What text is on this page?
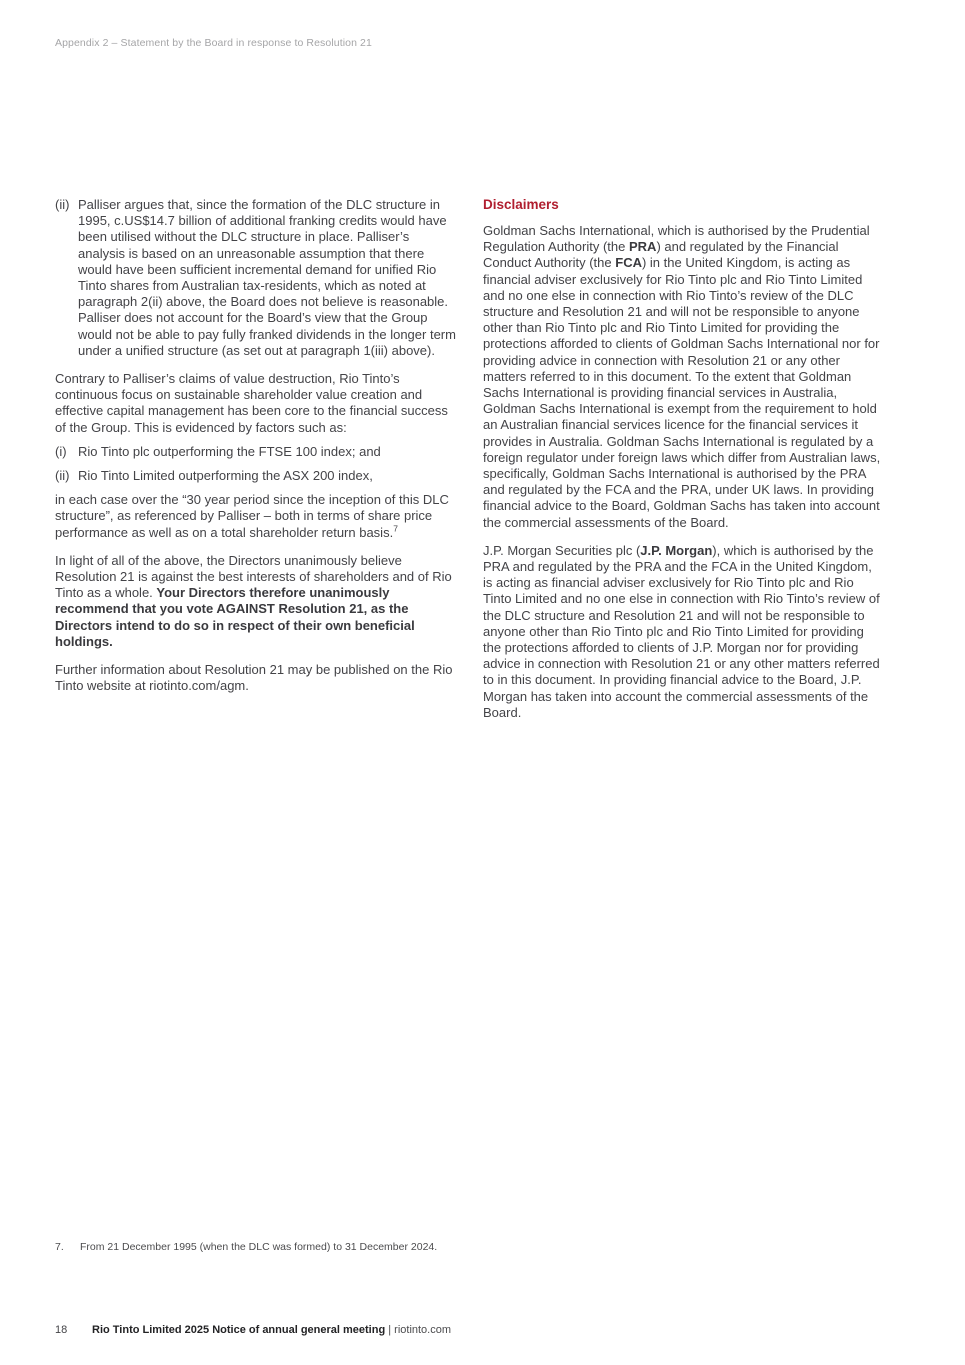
Appendix 2 – Statement by the Board in response to Resolution 21
(ii) Palliser argues that, since the formation of the DLC structure in 1995, c.US$14.7 billion of additional franking credits would have been utilised without the DLC structure in place. Palliser’s analysis is based on an unreasonable assumption that there would have been sufficient incremental demand for unified Rio Tinto shares from Australian tax-residents, which as noted at paragraph 2(ii) above, the Board does not believe is reasonable. Palliser does not account for the Board’s view that the Group would not be able to pay fully franked dividends in the longer term under a unified structure (as set out at paragraph 1(iii) above).

Contrary to Palliser’s claims of value destruction, Rio Tinto’s continuous focus on sustainable shareholder value creation and effective capital management has been core to the financial success of the Group. This is evidenced by factors such as:

(i) Rio Tinto plc outperforming the FTSE 100 index; and

(ii) Rio Tinto Limited outperforming the ASX 200 index,

in each case over the “30 year period since the inception of this DLC structure”, as referenced by Palliser – both in terms of share price performance as well as on a total shareholder return basis.$^7$

In light of all of the above, the Directors unanimously believe Resolution 21 is against the best interests of shareholders and of Rio Tinto as a whole. Your Directors therefore unanimously recommend that you vote AGAINST Resolution 21, as the Directors intend to do so in respect of their own beneficial holdings.

Further information about Resolution 21 may be published on the Rio Tinto website at riotinto.com/agm.

Disclaimers

Goldman Sachs International, which is authorised by the Prudential Regulation Authority (the PRA) and regulated by the Financial Conduct Authority (the FCA) in the United Kingdom, is acting as financial adviser exclusively for Rio Tinto plc and Rio Tinto Limited and no one else in connection with Rio Tinto’s review of the DLC structure and Resolution 21 and will not be responsible to anyone other than Rio Tinto plc and Rio Tinto Limited for providing the protections afforded to clients of Goldman Sachs International nor for providing advice in connection with Resolution 21 or any other matters referred to in this document. To the extent that Goldman Sachs International is providing financial services in Australia, Goldman Sachs International is exempt from the requirement to hold an Australian financial services licence for the financial services it provides in Australia. Goldman Sachs International is regulated by a foreign regulator under foreign laws which differ from Australian laws, specifically, Goldman Sachs International is authorised by the PRA and regulated by the FCA and the PRA, under UK laws. In providing financial advice to the Board, Goldman Sachs has taken into account the commercial assessments of the Board.

J.P. Morgan Securities plc (J.P. Morgan), which is authorised by the PRA and regulated by the PRA and the FCA in the United Kingdom, is acting as financial adviser exclusively for Rio Tinto plc and Rio Tinto Limited and no one else in connection with Rio Tinto’s review of the DLC structure and Resolution 21 and will not be responsible to anyone other than Rio Tinto plc and Rio Tinto Limited for providing the protections afforded to clients of J.P. Morgan nor for providing advice in connection with Resolution 21 or any other matters referred to in this document. In providing financial advice to the Board, J.P. Morgan has taken into account the commercial assessments of the Board.

7.	From 21 December 1995 (when the DLC was formed) to 31 December 2024.
18 Rio Tinto Limited 2025 Notice of annual general meeting | riotinto.com
